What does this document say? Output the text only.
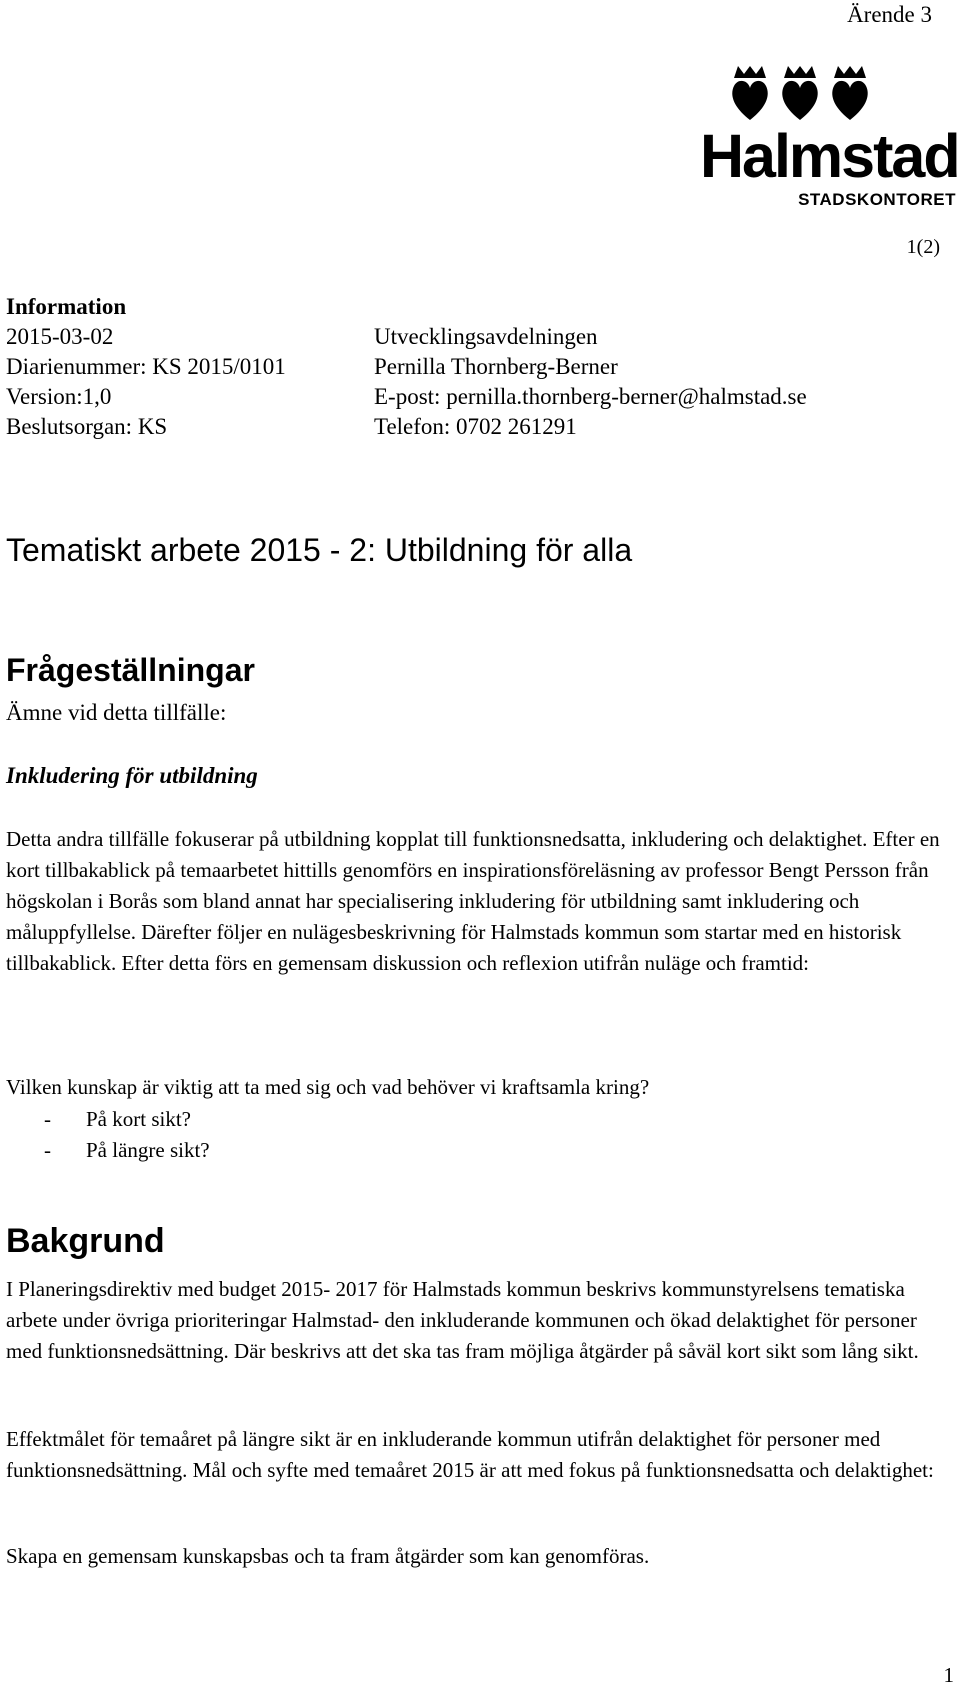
Ärende 3
Halmstad
STADSKONTORET
1(2)
Information
2015-03-02	Utvecklingsavdelningen
Diarienummer: KS 2015/0101	Pernilla Thornberg-Berner
Version:1,0	E-post: pernilla.thornberg-berner@halmstad.se
Beslutsorgan: KS	Telefon: 0702 261291
Tematiskt arbete 2015 - 2: Utbildning för alla
Frågeställningar
Ämne vid detta tillfälle:
Inkludering för utbildning

Detta andra tillfälle fokuserar på utbildning kopplat till funktionsnedsatta, inkludering och delaktighet. Efter en kort tillbakablick på temaarbetet hittills genomförs en inspirationsföreläsning av professor Bengt Persson från högskolan i Borås som bland annat har specialisering inkludering för utbildning samt inkludering och måluppfyllelse. Därefter följer en nulägesbeskrivning för Halmstads kommun som startar med en historisk tillbakablick. Efter detta förs en gemensam diskussion och reflexion utifrån nuläge och framtid:

Vilken kunskap är viktig att ta med sig och vad behöver vi kraftsamla kring?

-	På kort sikt?
-	På längre sikt?
Bakgrund

I Planeringsdirektiv med budget 2015- 2017 för Halmstads kommun beskrivs kommunstyrelsens tematiska arbete under övriga prioriteringar Halmstad- den inkluderande kommunen och ökad delaktighet för personer med funktionsnedsättning. Där beskrivs att det ska tas fram möjliga åtgärder på såväl kort sikt som lång sikt.

Effektmålet för temaåret på längre sikt är en inkluderande kommun utifrån delaktighet för personer med funktionsnedsättning. Mål och syfte med temaåret 2015 är att med fokus på funktionsnedsatta och delaktighet:

Skapa en gemensam kunskapsbas och ta fram åtgärder som kan genomföras.

1
